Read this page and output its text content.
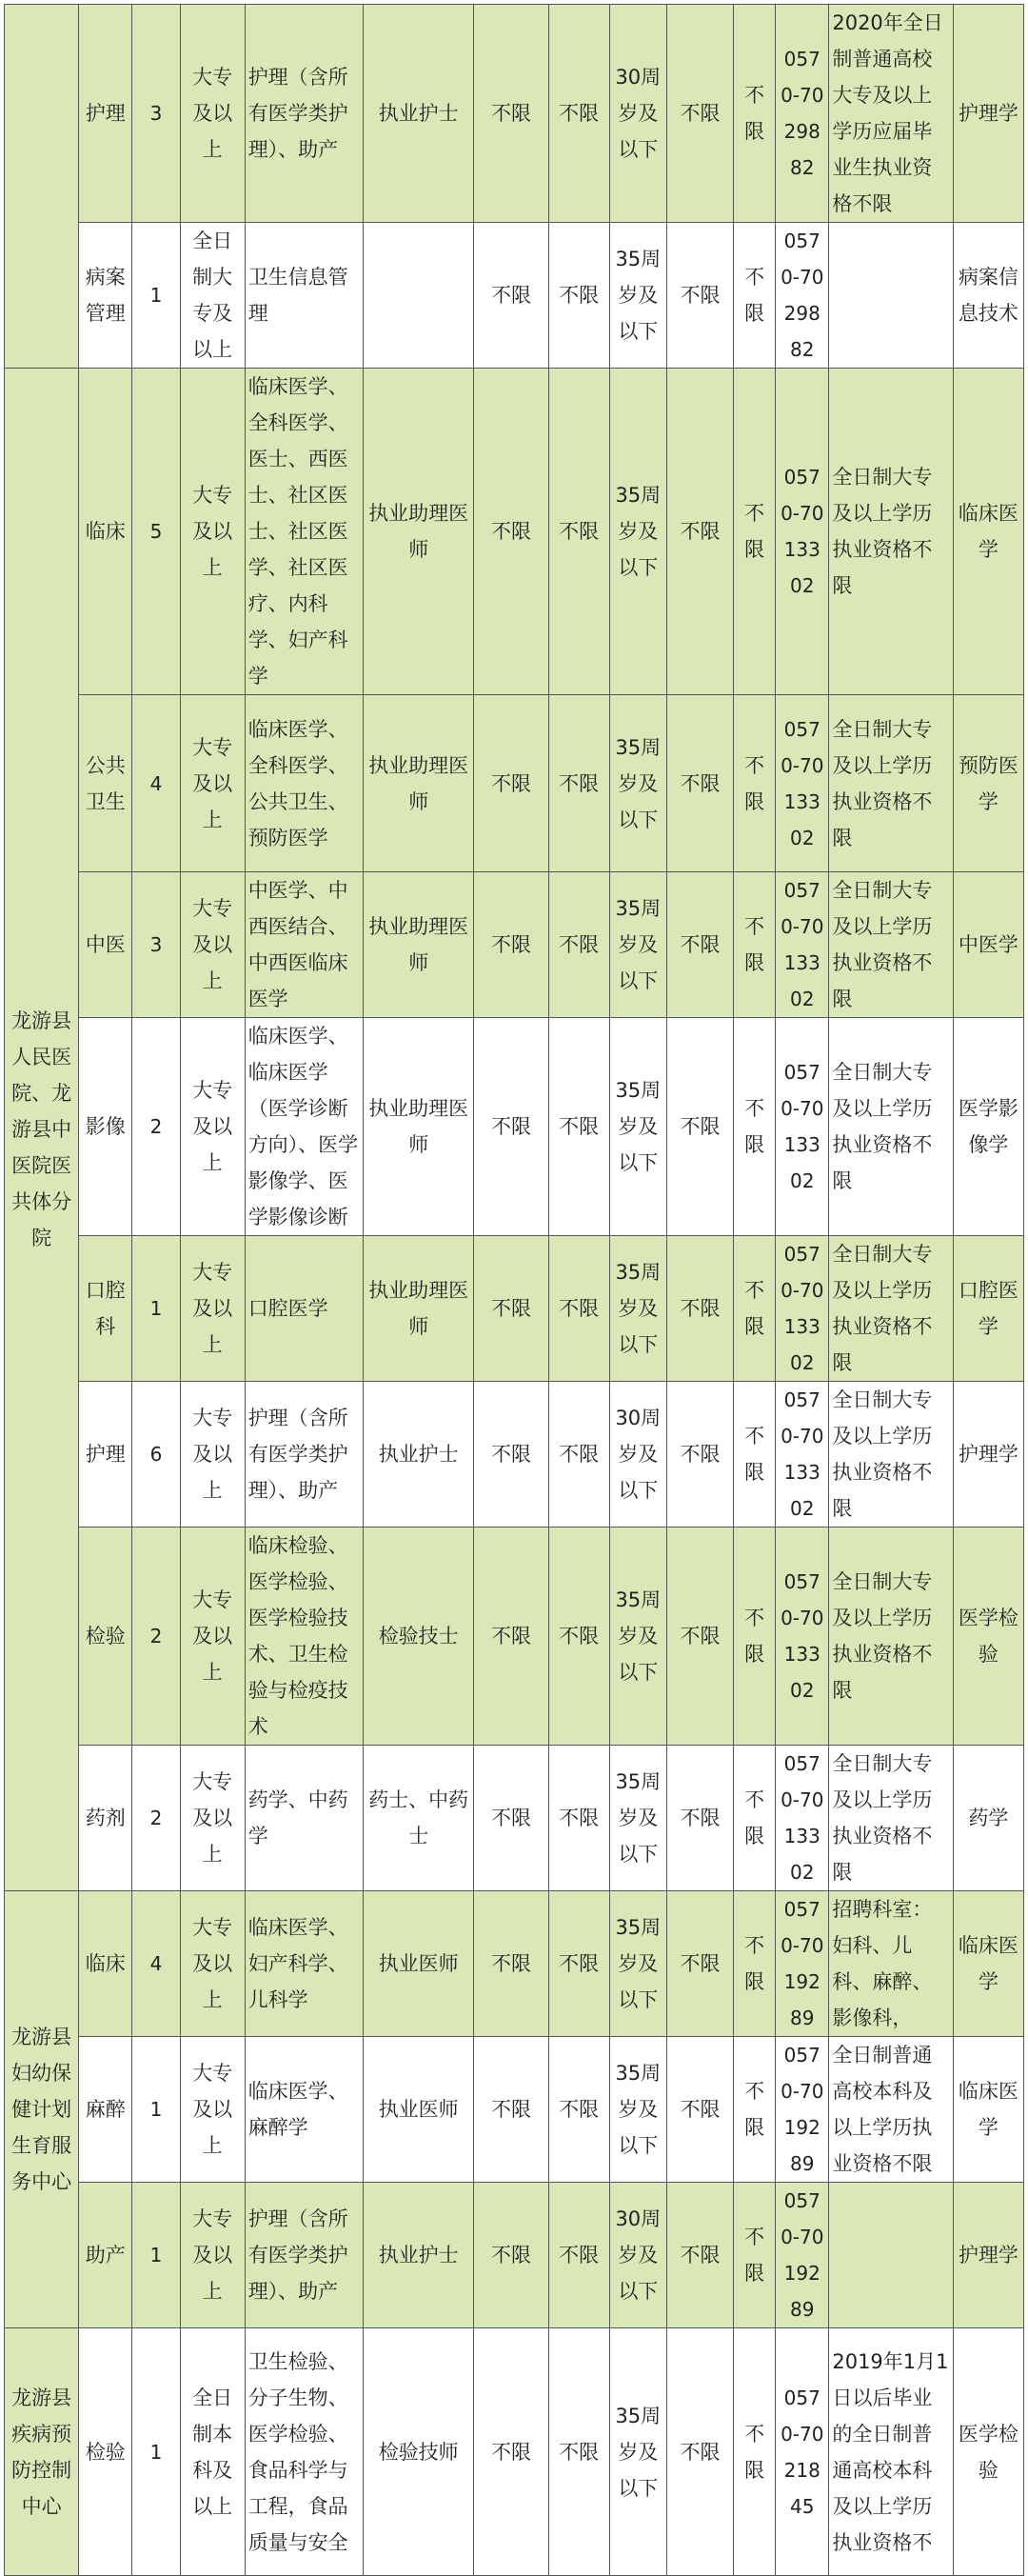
	护理	3	大专及以上	护理（含所有医学类护理）、助产	执业护士	不限	不限	30周岁及以下	不限	不限	0570-7029882	2020年全日制普通高校大专及以上学历应届毕业生执业资格不限	护理学
	病案管理	1	全日制大专及以上	卫生信息管理		不限	不限	35周岁及以下	不限	不限	0570-7029882		病案信息技术
龙游县人民医院、龙游县中医院医共体分院	临床	5	大专及以上	临床医学、全科医学、医士、西医士、社区医士、社区医学、社区医疗、内科学、妇产科学	执业助理医师	不限	不限	35周岁及以下	不限	不限	0570-7013302	全日制大专及以上学历执业资格不限	临床医学
	公共卫生	4	大专及以上	临床医学、全科医学、公共卫生、预防医学	执业助理医师	不限	不限	35周岁及以下	不限	不限	0570-7013302	全日制大专及以上学历执业资格不限	预防医学
	中医	3	大专及以上	中医学、中西医结合、中西医临床医学	执业助理医师	不限	不限	35周岁及以下	不限	不限	0570-7013302	全日制大专及以上学历执业资格不限	中医学
	影像	2	大专及以上	临床医学、临床医学（医学诊断方向）、医学影像学、医学影像诊断	执业助理医师	不限	不限	35周岁及以下	不限	不限	0570-7013302	全日制大专及以上学历执业资格不限	医学影像学
	口腔科	1	大专及以上	口腔医学	执业助理医师	不限	不限	35周岁及以下	不限	不限	0570-7013302	全日制大专及以上学历执业资格不限	口腔医学
	护理	6	大专及以上	护理（含所有医学类护理）、助产	执业护士	不限	不限	30周岁及以下	不限	不限	0570-7013302	全日制大专及以上学历执业资格不限	护理学
	检验	2	大专及以上	临床检验、医学检验、医学检验技术、卫生检验与检疫技术	检验技士	不限	不限	35周岁及以下	不限	不限	0570-7013302	全日制大专及以上学历执业资格不限	医学检验
	药剂	2	大专及以上	药学、中药学	药士、中药士	不限	不限	35周岁及以下	不限	不限	0570-7013302	全日制大专及以上学历执业资格不限	药学
龙游县妇幼保健计划生育服务中心	临床	4	大专及以上	临床医学、妇产科学、儿科学	执业医师	不限	不限	35周岁及以下	不限	不限	0570-7019289	招聘科室：妇科、儿科、麻醉、影像科，	临床医学
	麻醉	1	大专及以上	临床医学、麻醉学	执业医师	不限	不限	35周岁及以下	不限	不限	0570-7019289	全日制普通高校本科及以上学历执业资格不限	临床医学
	助产	1	大专及以上	护理（含所有医学类护理）、助产	执业护士	不限	不限	30周岁及以下	不限	不限	0570-7019289		护理学
龙游县疾病预防控制中心	检验	1	全日制本科及以上	卫生检验、分子生物、医学检验、食品科学与工程，食品质量与安全	检验技师	不限	不限	35周岁及以下	不限	不限	0570-7021845	2019年1月1日以后毕业的全日制普通高校本科及以上学历执业资格不	医学检验
